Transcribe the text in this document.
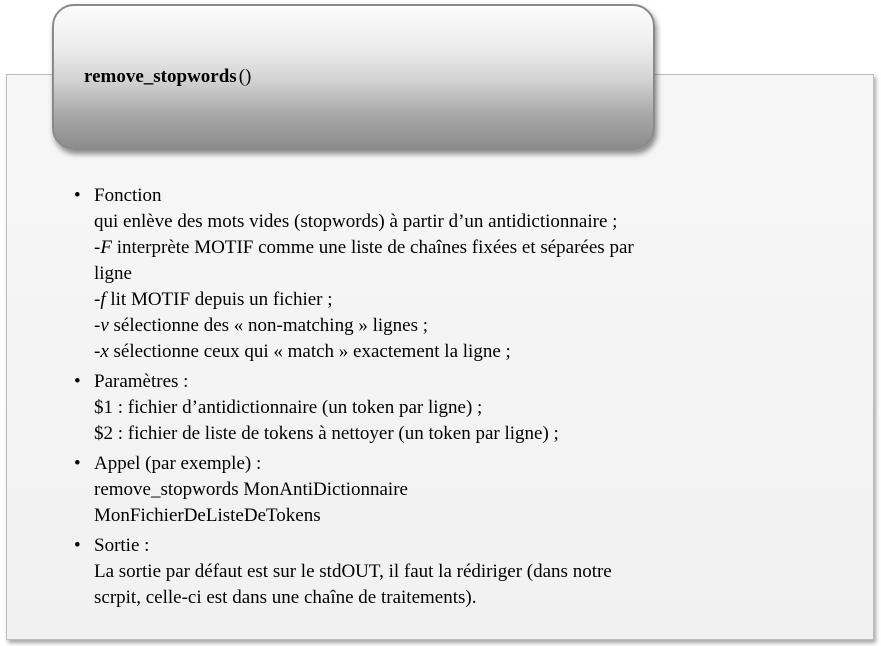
remove_stopwords ()
• Fonction
qui enlève des mots vides (stopwords) à partir d’un antidictionnaire ;
-F interprète MOTIF comme une liste de chaînes fixées et séparées par
ligne
-f lit MOTIF depuis un fichier ;
-v sélectionne des « non-matching » lignes ;
-x sélectionne ceux qui « match » exactement la ligne ;
• Paramètres :
$1 : fichier d’antidictionnaire (un token par ligne) ;
$2 : fichier de liste de tokens à nettoyer (un token par ligne) ;
• Appel (par exemple) :
remove_stopwords MonAntiDictionnaire
MonFichierDeListeDeTokens
• Sortie :
La sortie par défaut est sur le stdOUT, il faut la rédiriger (dans notre
scrpit, celle-ci est dans une chaîne de traitements).
